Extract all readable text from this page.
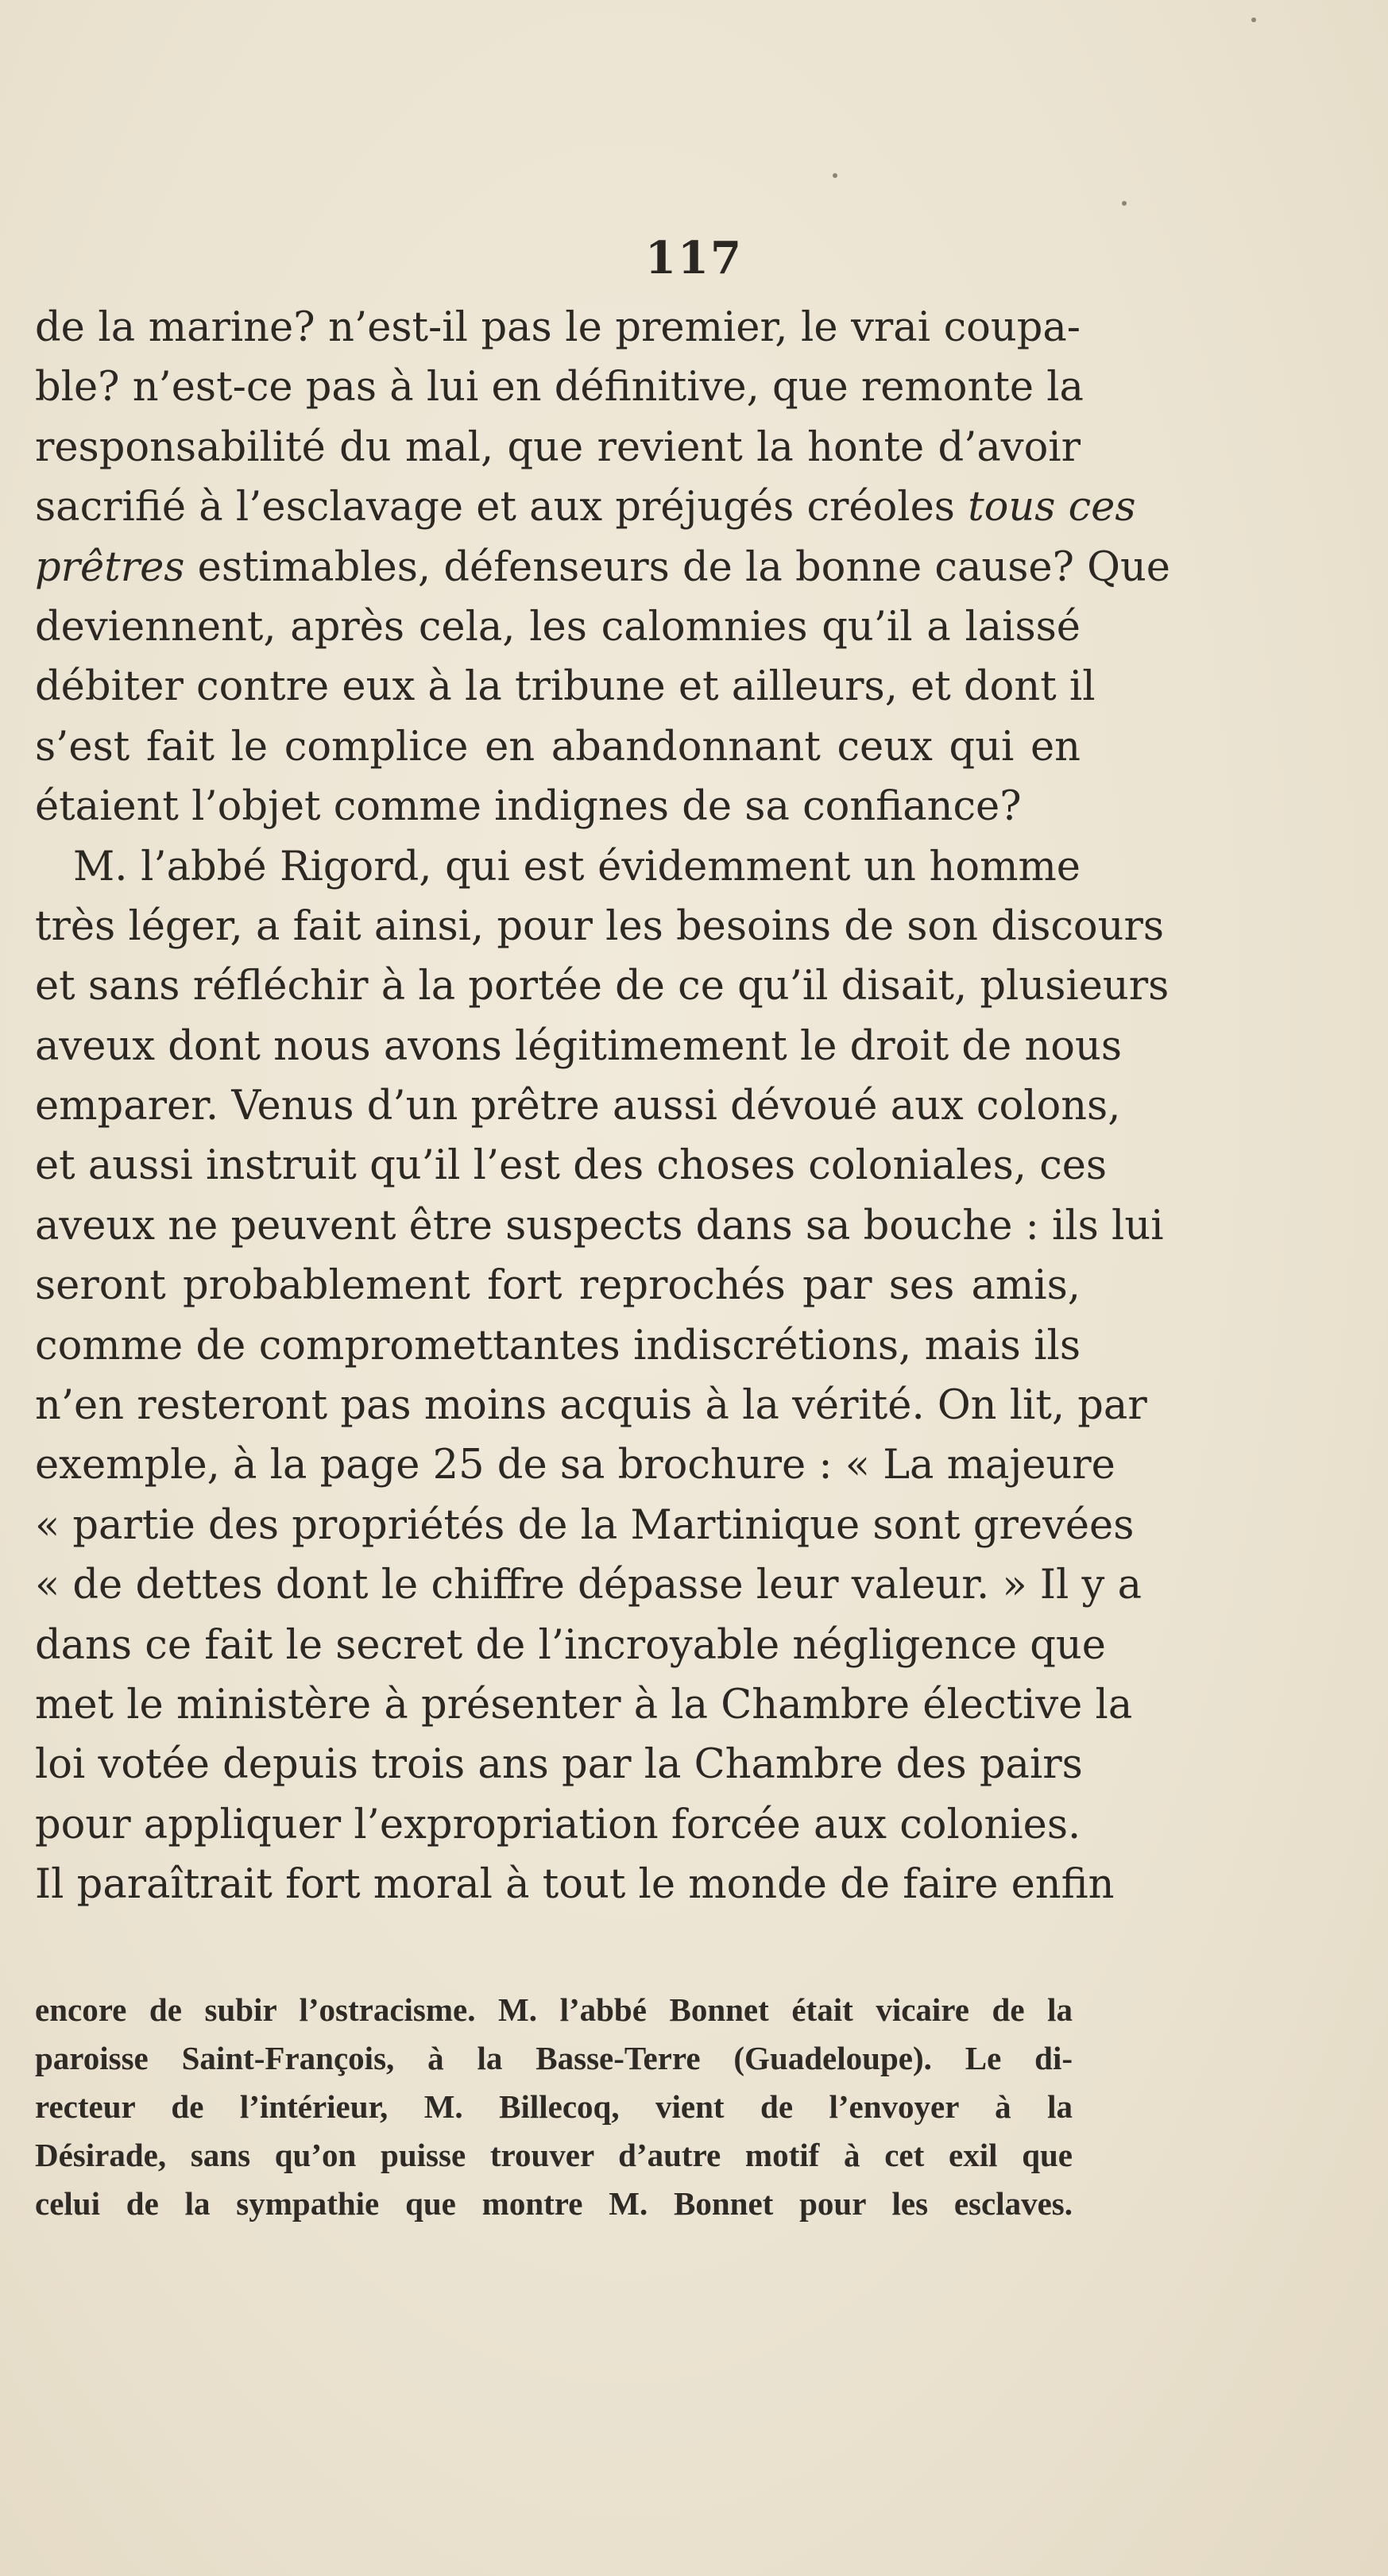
117
de la marine? n’est-il pas le premier, le vrai coupa-
ble? n’est-ce pas à lui en définitive, que remonte la
responsabilité du mal, que revient la honte d’avoir
sacrifié à l’esclavage et aux préjugés créoles tous ces
prêtres estimables, défenseurs de la bonne cause? Que
deviennent, après cela, les calomnies qu’il a laissé
débiter contre eux à la tribune et ailleurs, et dont il
s’est fait le complice en abandonnant ceux qui en
étaient l’objet comme indignes de sa confiance?
M. l’abbé Rigord, qui est évidemment un homme
très léger, a fait ainsi, pour les besoins de son discours
et sans réfléchir à la portée de ce qu’il disait, plusieurs
aveux dont nous avons légitimement le droit de nous
emparer. Venus d’un prêtre aussi dévoué aux colons,
et aussi instruit qu’il l’est des choses coloniales, ces
aveux ne peuvent être suspects dans sa bouche : ils lui
seront probablement fort reprochés par ses amis,
comme de compromettantes indiscrétions, mais ils
n’en resteront pas moins acquis à la vérité. On lit, par
exemple, à la page 25 de sa brochure : « La majeure
« partie des propriétés de la Martinique sont grevées
« de dettes dont le chiffre dépasse leur valeur. » Il y a
dans ce fait le secret de l’incroyable négligence que
met le ministère à présenter à la Chambre élective la
loi votée depuis trois ans par la Chambre des pairs
pour appliquer l’expropriation forcée aux colonies.
Il paraîtrait fort moral à tout le monde de faire enfin
encore de subir l’ostracisme. M. l’abbé Bonnet était vicaire de la
paroisse Saint-François, à la Basse-Terre (Guadeloupe). Le di-
recteur de l’intérieur, M. Billecoq, vient de l’envoyer à la
Désirade, sans qu’on puisse trouver d’autre motif à cet exil que
celui de la sympathie que montre M. Bonnet pour les esclaves.
